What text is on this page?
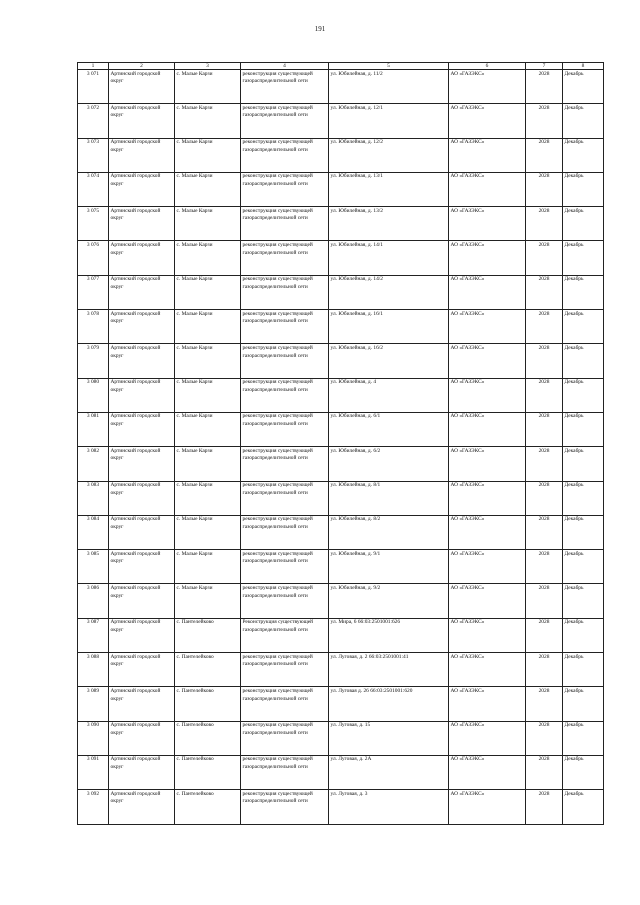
191
1	2	3	4	5	6	7	8
3 071	Артинский городской округ	с. Малые Карзи	реконструкция существующей газораспределительной сети	ул. Юбилейная, д. 11/2	АО «ГАЗЭКС»	2028	Декабрь
3 072	Артинский городской округ	с. Малые Карзи	реконструкция существующей газораспределительной сети	ул. Юбилейная, д. 12/1	АО «ГАЗЭКС»	2028	Декабрь
3 073	Артинский городской округ	с. Малые Карзи	реконструкция существующей газораспределительной сети	ул. Юбилейная, д. 12/2	АО «ГАЗЭКС»	2028	Декабрь
3 074	Артинский городской округ	с. Малые Карзи	реконструкция существующей газораспределительной сети	ул. Юбилейная, д. 13/1	АО «ГАЗЭКС»	2028	Декабрь
3 075	Артинский городской округ	с. Малые Карзи	реконструкция существующей газораспределительной сети	ул. Юбилейная, д. 13/2	АО «ГАЗЭКС»	2028	Декабрь
3 076	Артинский городской округ	с. Малые Карзи	реконструкция существующей газораспределительной сети	ул. Юбилейная, д. 14/1	АО «ГАЗЭКС»	2028	Декабрь
3 077	Артинский городской округ	с. Малые Карзи	реконструкция существующей газораспределительной сети	ул. Юбилейная, д. 14/2	АО «ГАЗЭКС»	2028	Декабрь
3 078	Артинский городской округ	с. Малые Карзи	реконструкция существующей газораспределительной сети	ул. Юбилейная, д. 16/1	АО «ГАЗЭКС»	2028	Декабрь
3 079	Артинский городской округ	с. Малые Карзи	реконструкция существующей газораспределительной сети	ул. Юбилейная, д. 16/2	АО «ГАЗЭКС»	2028	Декабрь
3 080	Артинский городской округ	с. Малые Карзи	реконструкция существующей газораспределительной сети	ул. Юбилейная, д. 4	АО «ГАЗЭКС»	2028	Декабрь
3 081	Артинский городской округ	с. Малые Карзи	реконструкция существующей газораспределительной сети	ул. Юбилейная, д. 6/1	АО «ГАЗЭКС»	2028	Декабрь
3 082	Артинский городской округ	с. Малые Карзи	реконструкция существующей газораспределительной сети	ул. Юбилейная, д. 6/2	АО «ГАЗЭКС»	2028	Декабрь
3 083	Артинский городской округ	с. Малые Карзи	реконструкция существующей газораспределительной сети	ул. Юбилейная, д. 8/1	АО «ГАЗЭКС»	2028	Декабрь
3 084	Артинский городской округ	с. Малые Карзи	реконструкция существующей газораспределительной сети	ул. Юбилейная, д. 8/2	АО «ГАЗЭКС»	2028	Декабрь
3 085	Артинский городской округ	с. Малые Карзи	реконструкция существующей газораспределительной сети	ул. Юбилейная, д. 9/1	АО «ГАЗЭКС»	2028	Декабрь
3 086	Артинский городской округ	с. Малые Карзи	реконструкция существующей газораспределительной сети	ул. Юбилейная, д. 9/2	АО «ГАЗЭКС»	2028	Декабрь
3 087	Артинский городской округ	с. Пантелейково	Реконструкция существующей газораспределительной сети	ул. Мира, 6 66:03:2501001:626	АО «ГАЗЭКС»	2028	Декабрь
3 088	Артинский городской округ	с. Пантелейково	реконструкция существующей газораспределительной сети	ул. Луговая, д. 2 66:03:2501001:41	АО «ГАЗЭКС»	2028	Декабрь
3 089	Артинский городской округ	с. Пантелейково	реконструкция существующей газораспределительной сети	ул. Луговая д. 26 66:03:2501001:620	АО «ГАЗЭКС»	2028	Декабрь
3 090	Артинский городской округ	с. Пантелейково	реконструкция существующей газораспределительной сети	ул. Луговая, д. 15	АО «ГАЗЭКС»	2028	Декабрь
3 091	Артинский городской округ	с. Пантелейково	реконструкция существующей газораспределительной сети	ул. Луговая, д. 2А	АО «ГАЗЭКС»	2028	Декабрь
3 092	Артинский городской округ	с. Пантелейково	реконструкция существующей газораспределительной сети	ул. Луговая, д. 3	АО «ГАЗЭКС»	2028	Декабрь
